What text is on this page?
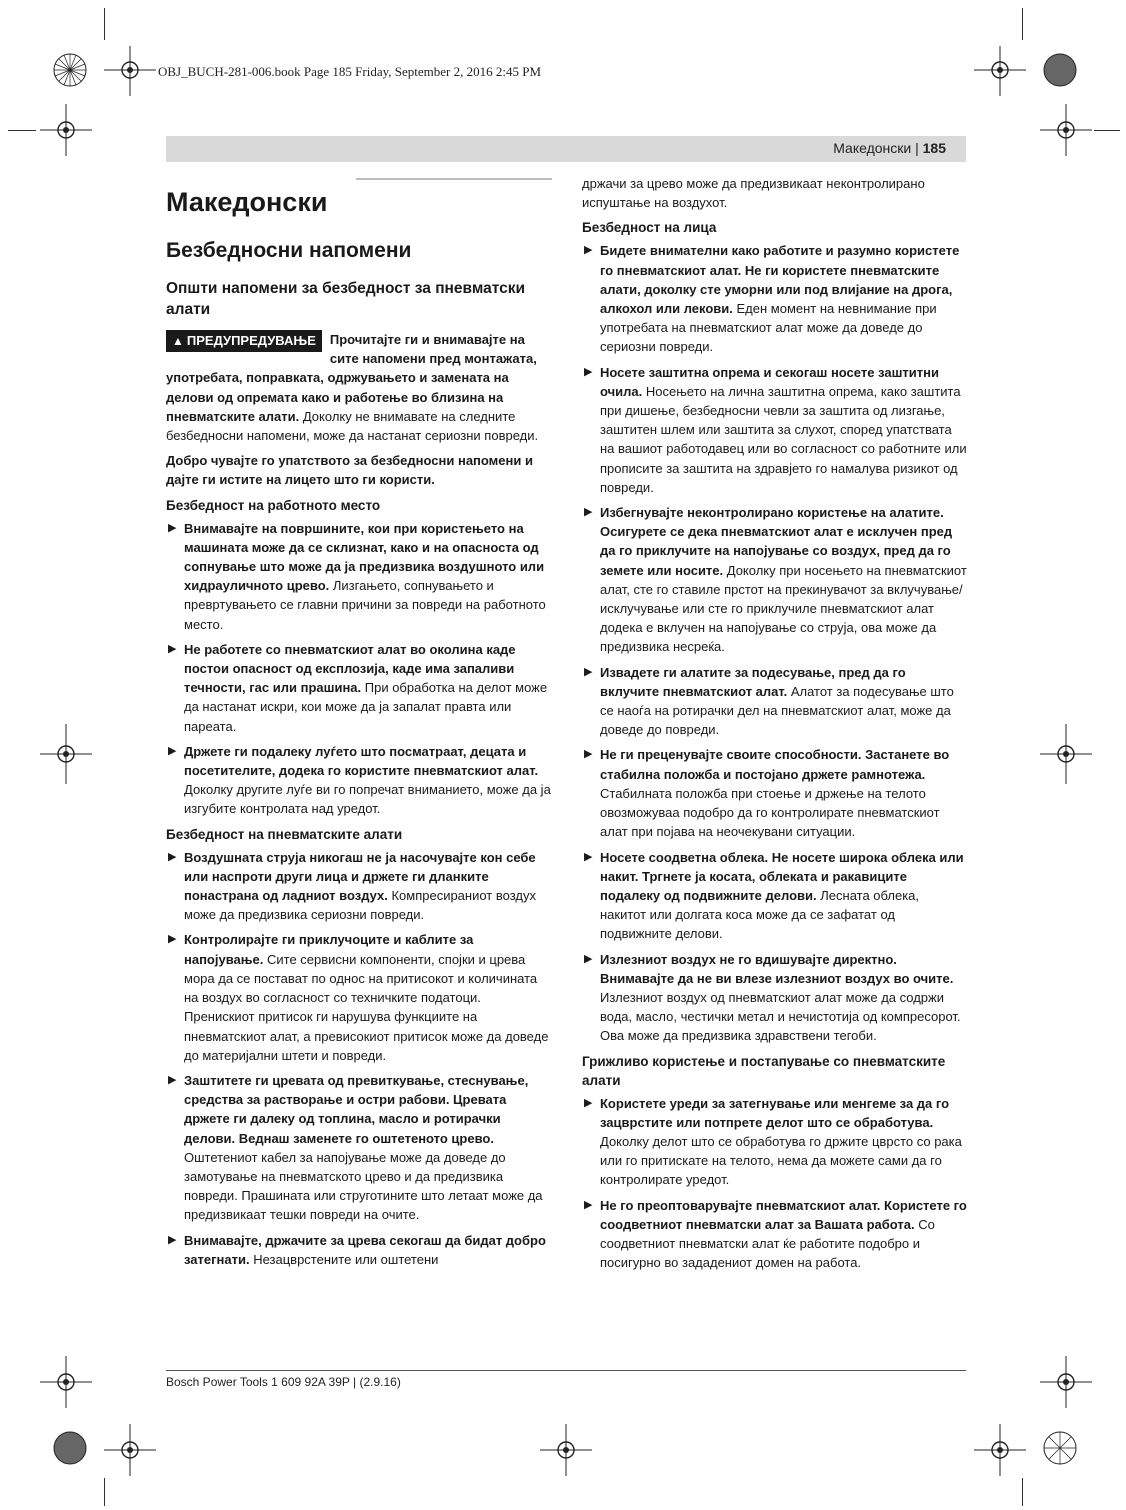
OBJ_BUCH-281-006.book Page 185 Friday, September 2, 2016 2:45 PM
Македонски | 185
Македонски
Безбедносни напомени
Општи напомени за безбедност за пневматски алати

▲ ПРЕДУПРЕДУВАЊЕ	Прочитајте ги и внимавајте на сите напомени пред монтажата, употребата, поправката, одржувањето и замената на делови од опремата како и работење во близина на пневматските алати. Доколку не внимавате на следните безбедносни напомени, може да настанат сериозни повреди.

Добро чувајте го упатството за безбедносни напомени и дајте ги истите на лицето што ги користи.

Безбедност на работното место
▶ Внимавајте на површините, кои при користењето на машината може да се склизнат, како и на опасноста од сопнување што може да ја предизвика воздушното или хидрауличното црево. Лизгањето, сопнувањето и превртувањето се главни причини за повреди на работното место.
▶ Не работете со пневматскиот алат во околина каде постои опасност од експлозија, каде има запаливи течности, гас или прашина. При обработка на делот може да настанат искри, кои може да ја запалат правта или пареата.
▶ Држете ги подалеку луѓето што посматраат, децата и посетителите, додека го користите пневматскиот алат. Доколку другите луѓе ви го попречат вниманието, може да ја изгубите контролата над уредот.
Безбедност на пневматските алати
▶ Воздушната струја никогаш не ја насочувајте кон себе или наспроти други лица и држете ги дланките понастрана од ладниот воздух. Компресираниот воздух може да предизвика сериозни повреди.
▶ Контролирајте ги приклучоците и каблите за напојување. Сите сервисни компоненти, спојки и црева мора да се поставaт по однос на притисокот и количината на воздух во согласност со техничките податоци. Пренискиот притисок ги нарушува функциите на пневматскиот алат, а превисокиот притисок може да доведе до материјални штети и повреди.
▶ Заштитете ги цревата од превиткување, стеснување, средства за растворање и остри рабови. Цревата држете ги далеку од топлина, масло и ротирачки делови. Веднаш заменете го оштетеното црево. Оштетениот кабел за напојување може да доведе до замотување на пневматското црево и да предизвика повреди. Прашината или струготините што летаат може да предизвикаат тешки повреди на очите.
▶ Внимавајте, држачите за црева секогаш да бидат добро затегнати. Незацврстените или оштетени

држачи за црево може да предизвикаат неконтролирано испуштање на воздухот.

Безбедност на лица
▶ Бидете внимателни како работите и разумно користете го пневматскиот алат. Не ги користете пневматските алати, доколку сте уморни или под влијание на дрога, алкохол или лекови. Еден момент на невнимание при употребата на пневматскиот алат може да доведе до сериозни повреди.
▶ Носете заштитна опрема и секогаш носете заштитни очила. Носењето на лична заштитна опрема, како заштита при дишење, безбедносни чевли за заштита од лизгање, заштитен шлем или заштита за слухот, според упатствата на вашиот работодавец или во согласност со работните или прописите за заштита на здравјето го намалува ризикот од повреди.
▶ Избегнувајте неконтролирано користење на алатите. Осигурете се дека пневматскиот алат е исклучен пред да го приклучите на напојување со воздух, пред да го земете или носите. Доколку при носењето на пневматскиот алат, сте го ставиле прстот на прекинувачот за вклучување/исклучување или сте го приклучиле пневматскиот алат додека е вклучен на напојување со струја, ова може да предизвика несреќа.
▶ Извадете ги алатите за подесување, пред да го вклучите пневматскиот алат. Алатот за подесување што се наоѓа на ротирачки дел на пневматскиот алат, може да доведе до повреди.
▶ Не ги преценувајте своите способности. Застанете во стабилна положба и постојано држете рамнотежа. Стабилната положба при стоење и држење на телото овозможуваа подобро да го контролирате пневматскиот алат при појава на неочекувани ситуации.
▶ Носете соодветна облека. Не носете широка облека или накит. Тргнете ја косата, облеката и ракавиците подалеку од подвижните делови. Лесната облека, накитот или долгата коса може да се зафатат од подвижните делови.
▶ Излезниот воздух не го вдишувајте директно. Внимавајте да не ви влезе излезниот воздух во очите. Излезниот воздух од пневматскиот алат може да содржи вода, масло, честички метал и нечистотија од компресорот. Ова може да предизвика здравствени тегоби.
Грижливо користење и постапување со пневматските алати
▶ Користете уреди за затегнување или менгеме за да го зацврстите или потпрете делот што се обработува. Доколку делот што се обработува го држите цврсто со рака или го притискате на телото, нема да можете сами да го контролирате уредот.
▶ Не го преоптоварувајте пневматскиот алат. Користете го соодветниот пневматски алат за Вашата работа. Со соодветниот пневматски алат ќе работите подобро и посигурно во зададениот домен на работа.
Bosch Power Tools 1 609 92A 39P | (2.9.16)
